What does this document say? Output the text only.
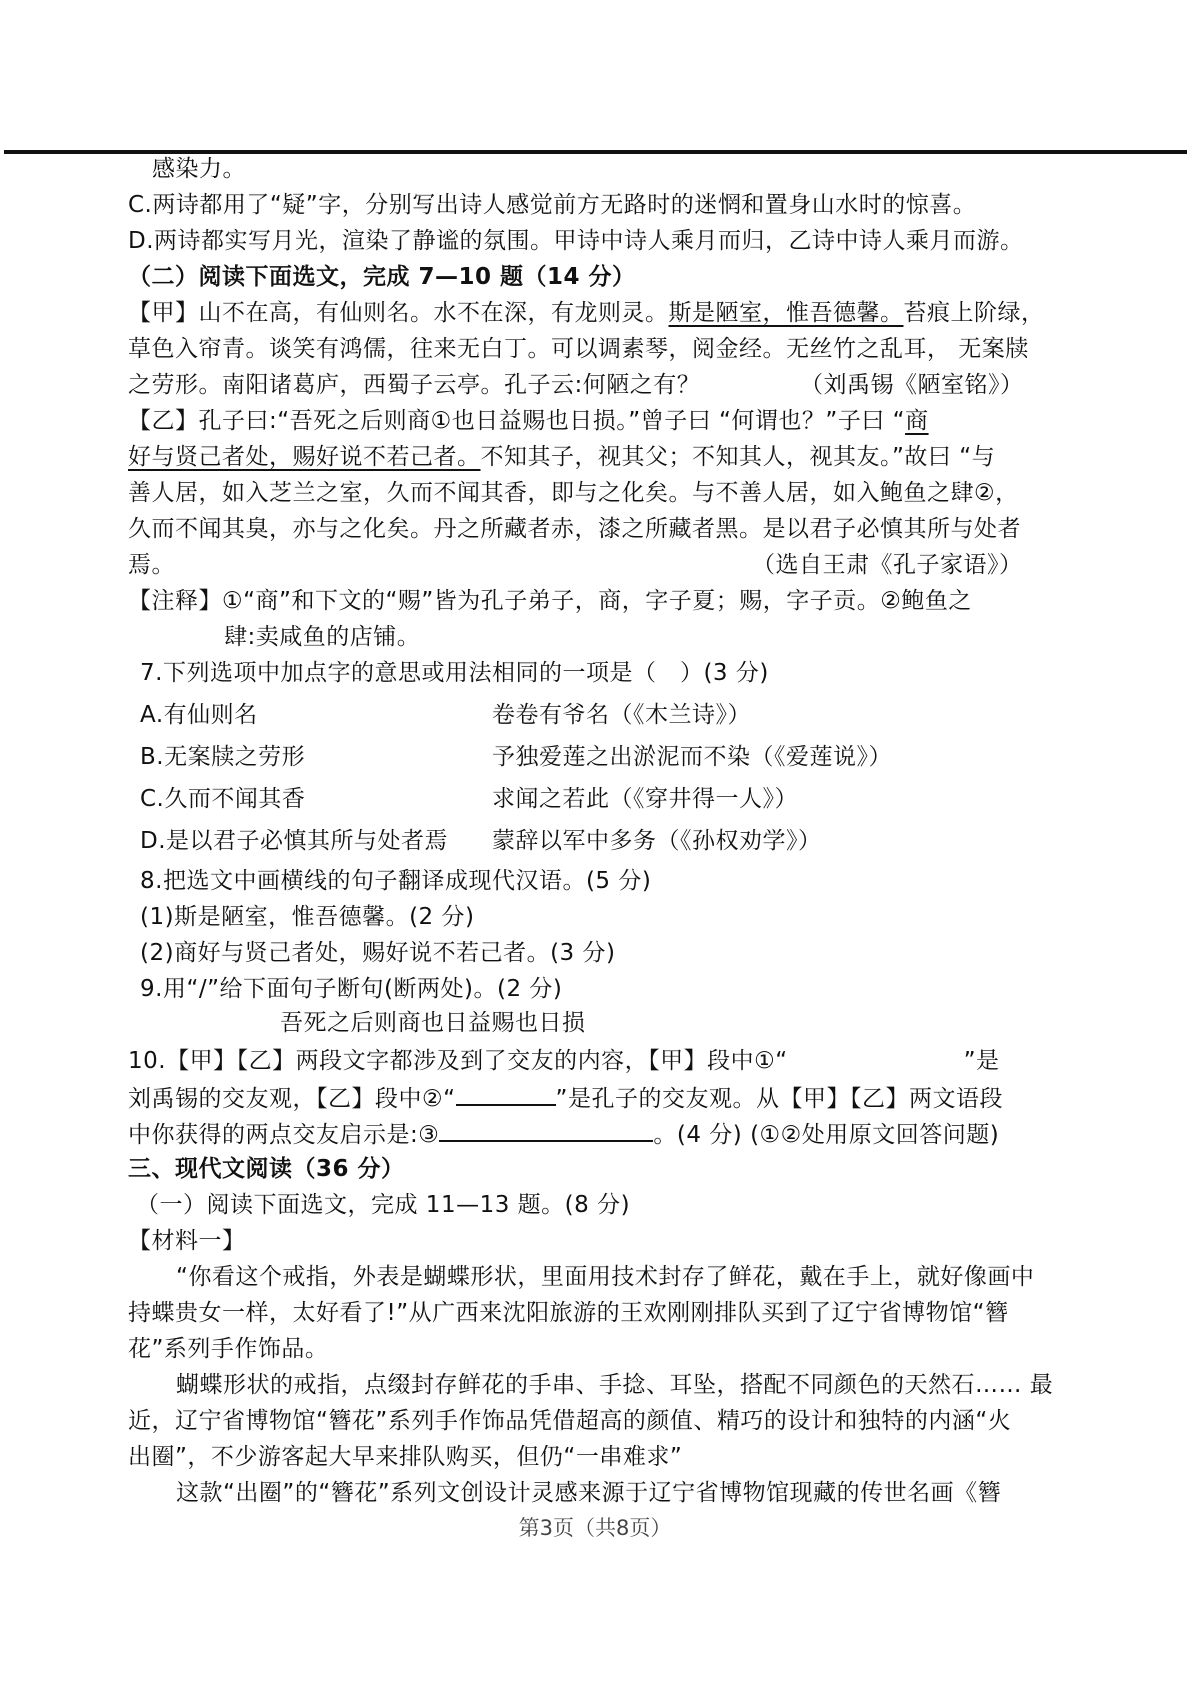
感染力。
C.两诗都用了“疑”字，分别写出诗人感觉前方无路时的迷惘和置身山水时的惊喜。
D.两诗都实写月光，渲染了静谧的氛围。甲诗中诗人乘月而归，乙诗中诗人乘月而游。
（二）阅读下面选文，完成 7—10 题（14 分）
【甲】山不在高，有仙则名。水不在深，有龙则灵。斯是陋室，惟吾德馨。苔痕上阶绿，
草色入帘青。谈笑有鸿儒，往来无白丁。可以调素琴，阅金经。无丝竹之乱耳， 无案牍
之劳形。南阳诸葛庐，西蜀子云亭。孔子云:何陋之有？	（刘禹锡《陋室铭》）
【乙】孔子曰:“吾死之后则商①也日益赐也日损。”曾子曰 “何谓也？”子曰 “商
好与贤己者处，赐好说不若己者。不知其子，视其父；不知其人，视其友。”故曰 “与
善人居，如入芝兰之室，久而不闻其香，即与之化矣。与不善人居，如入鲍鱼之肆②，
久而不闻其臭，亦与之化矣。丹之所藏者赤，漆之所藏者黑。是以君子必慎其所与处者
焉。	（选自王肃《孔子家语》）
【注释】①“商”和下文的“赐”皆为孔子弟子，商，字子夏；赐，字子贡。②鲍鱼之
肆:卖咸鱼的店铺。
7.下列选项中加点字的意思或用法相同的一项是（　）(3 分)
A.有仙则名	卷卷有爷名（《木兰诗》）
B.无案牍之劳形	予独爱莲之出淤泥而不染（《爱莲说》）
C.久而不闻其香	求闻之若此（《穿井得一人》）
D.是以君子必慎其所与处者焉 蒙辞以军中多务（《孙权劝学》）
8.把选文中画横线的句子翻译成现代汉语。(5 分)
(1)斯是陋室，惟吾德馨。(2 分)
(2)商好与贤己者处，赐好说不若己者。(3 分)
9.用“/”给下面句子断句(断两处)。(2 分)
吾死之后则商也日益赐也日损
10.【甲】【乙】两段文字都涉及到了交友的内容，【甲】段中①“	”是
刘禹锡的交友观，【乙】段中②“	”是孔子的交友观。从【甲】【乙】两文语段
中你获得的两点交友启示是:③	。(4 分) (①②处用原文回答问题)
三、现代文阅读（36 分）
（一）阅读下面选文，完成 11—13 题。(8 分)
【材料一】
“你看这个戒指，外表是蝴蝶形状，里面用技术封存了鲜花，戴在手上，就好像画中
持蝶贵女一样，太好看了!”从广西来沈阳旅游的王欢刚刚排队买到了辽宁省博物馆“簪
花”系列手作饰品。
蝴蝶形状的戒指，点缀封存鲜花的手串、手捻、耳坠，搭配不同颜色的天然石…… 最
近，辽宁省博物馆“簪花”系列手作饰品凭借超高的颜值、精巧的设计和独特的内涵“火
出圈”，不少游客起大早来排队购买，但仍“一串难求”
这款“出圈”的“簪花”系列文创设计灵感来源于辽宁省博物馆现藏的传世名画《簪
第3页（共8页）
